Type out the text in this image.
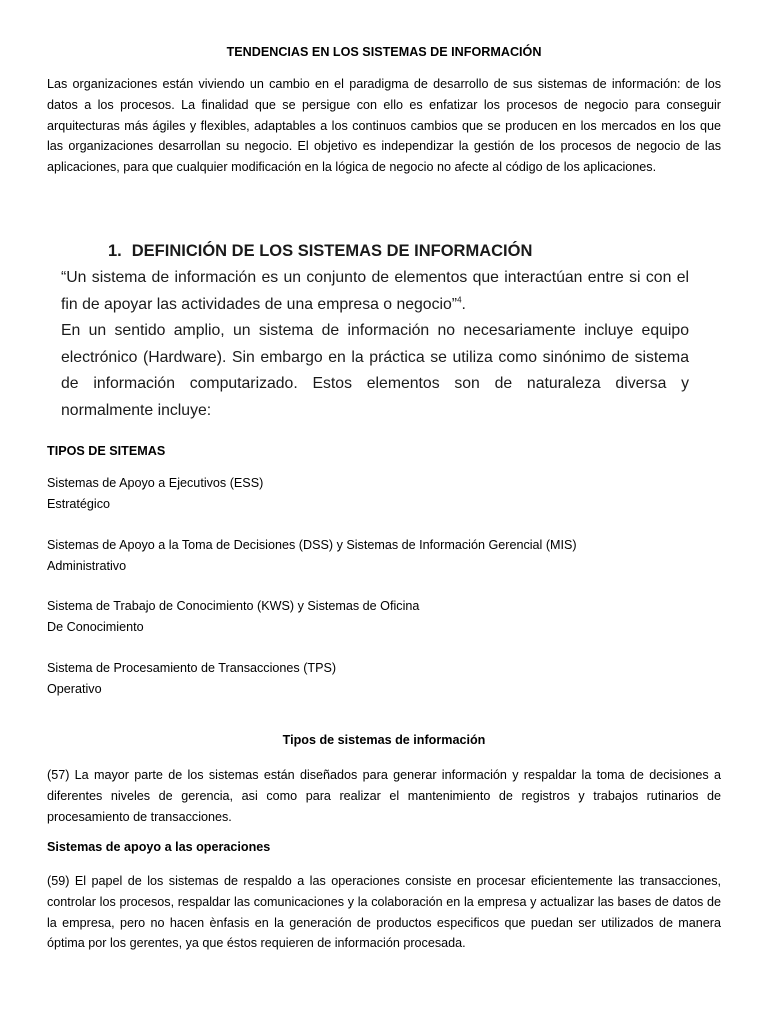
TENDENCIAS EN LOS SISTEMAS DE INFORMACIÓN

Las organizaciones están viviendo un cambio en el paradigma de desarrollo de sus sistemas de información: de los datos a los procesos. La finalidad que se persigue con ello es enfatizar los procesos de negocio para conseguir arquitecturas más ágiles y flexibles, adaptables a los continuos cambios que se producen en los mercados en los que las organizaciones desarrollan su negocio. El objetivo es independizar la gestión de los procesos de negocio de las aplicaciones, para que cualquier modificación en la lógica de negocio no afecte al código de los aplicaciones.

1. DEFINICIÓN DE LOS SISTEMAS DE INFORMACIÓN

“Un sistema de información es un conjunto de elementos que interactúan entre si con el fin de apoyar las actividades de una empresa o negocio”$^4$.
En un sentido amplio, un sistema de información no necesariamente incluye equipo electrónico (Hardware). Sin embargo en la práctica se utiliza como sinónimo de sistema de información computarizado. Estos elementos son de naturaleza diversa y normalmente incluye:

TIPOS DE SITEMAS
Sistemas de Apoyo a Ejecutivos (ESS)
Estratégico
Sistemas de Apoyo a la Toma de Decisiones (DSS) y Sistemas de Información Gerencial (MIS)
Administrativo
Sistema de Trabajo de Conocimiento (KWS) y Sistemas de Oficina
De Conocimiento
Sistema de Procesamiento de Transacciones (TPS)
Operativo
Tipos de sistemas de información

(57) La mayor parte de los sistemas están diseñados para generar información y respaldar la toma de decisiones a diferentes niveles de gerencia, asi como para realizar el mantenimiento de registros y trabajos rutinarios de procesamiento de transacciones.

Sistemas de apoyo a las operaciones

(59) El papel de los sistemas de respaldo a las operaciones consiste en procesar eficientemente las transacciones, controlar los procesos, respaldar las comunicaciones y la colaboración en la empresa y actualizar las bases de datos de la empresa, pero no hacen ènfasis en la generación de productos especificos que puedan ser utilizados de manera óptima por los gerentes, ya que éstos requieren de información procesada.
